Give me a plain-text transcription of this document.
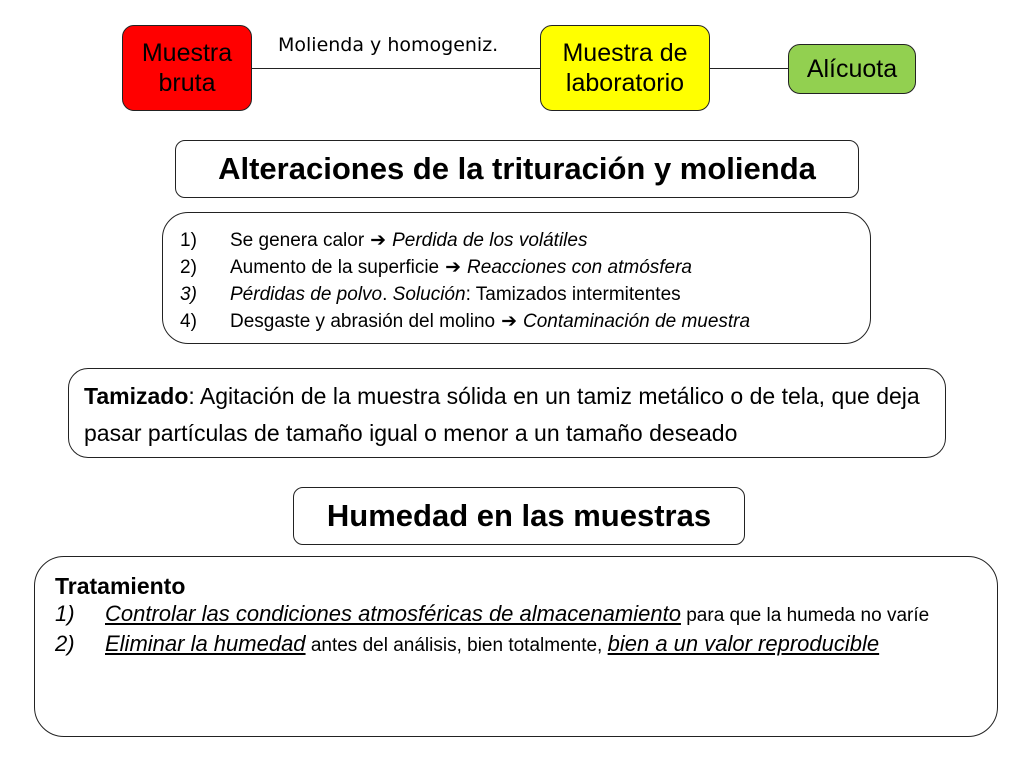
Muestra
bruta
Muestra de
laboratorio	Alícuota
Molienda y homogeniz.
Alteraciones de la trituración y molienda
1)	Se genera calor ➔ Perdida de los volátiles
2)	Aumento de la superficie ➔ Reacciones con atmósfera
3)	Pérdidas de polvo . Solución : Tamizados intermitentes
4)	Desgaste y abrasión del molino ➔ Contaminación de muestra
Tamizado: Agitación de la muestra sólida en un tamiz metálico o de tela, que deja pasar partículas de tamaño igual o menor a un tamaño deseado
Humedad en las muestras
Tratamiento
1)	Controlar las condiciones atmosféricas de almacenamiento para que la humeda no varíe
2)	Eliminar la humedad antes del análisis, bien totalmente, bien a un valor reproducible
